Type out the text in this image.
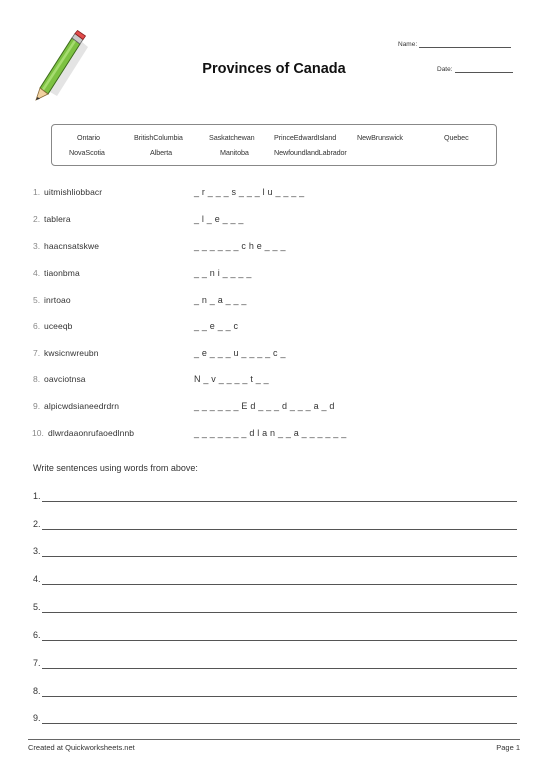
Provinces of Canada
Name:
Date:
Ontario	BritishColumbia	Saskatchewan	PrinceEdwardIsland	NewBrunswick	Quebec
NovaScotia	Alberta	Manitoba	NewfoundlandLabrador
1. uitmishliobbacr	_ r _ _ _ s _ _ _ l u _ _ _ _
2. tablera	_ l _ e _ _ _
3. haacnsatskwe	_ _ _ _ _ _ c h e _ _ _
4. tiaonbma	_ _ n i _ _ _ _
5. inrtoao	_ n _ a _ _ _
6. uceeqb	_ _ e _ _ c
7. kwsicnwreubn	_ e _ _ _ u _ _ _ _ c _
8. oavciotnsa	N _ v _ _ _ _ t _ _
9. alpicwdsianeedrdrn	_ _ _ _ _ _ E d _ _ _ d _ _ _ a _ d
10. dlwrdaaonrufaoedlnnb	_ _ _ _ _ _ _ d l a n _ _ a _ _ _ _ _ _
Write sentences using words from above:
1.
2.
3.
4.
5.
6.
7.
8.
9.
Created at Quickworksheets.net	Page 1
